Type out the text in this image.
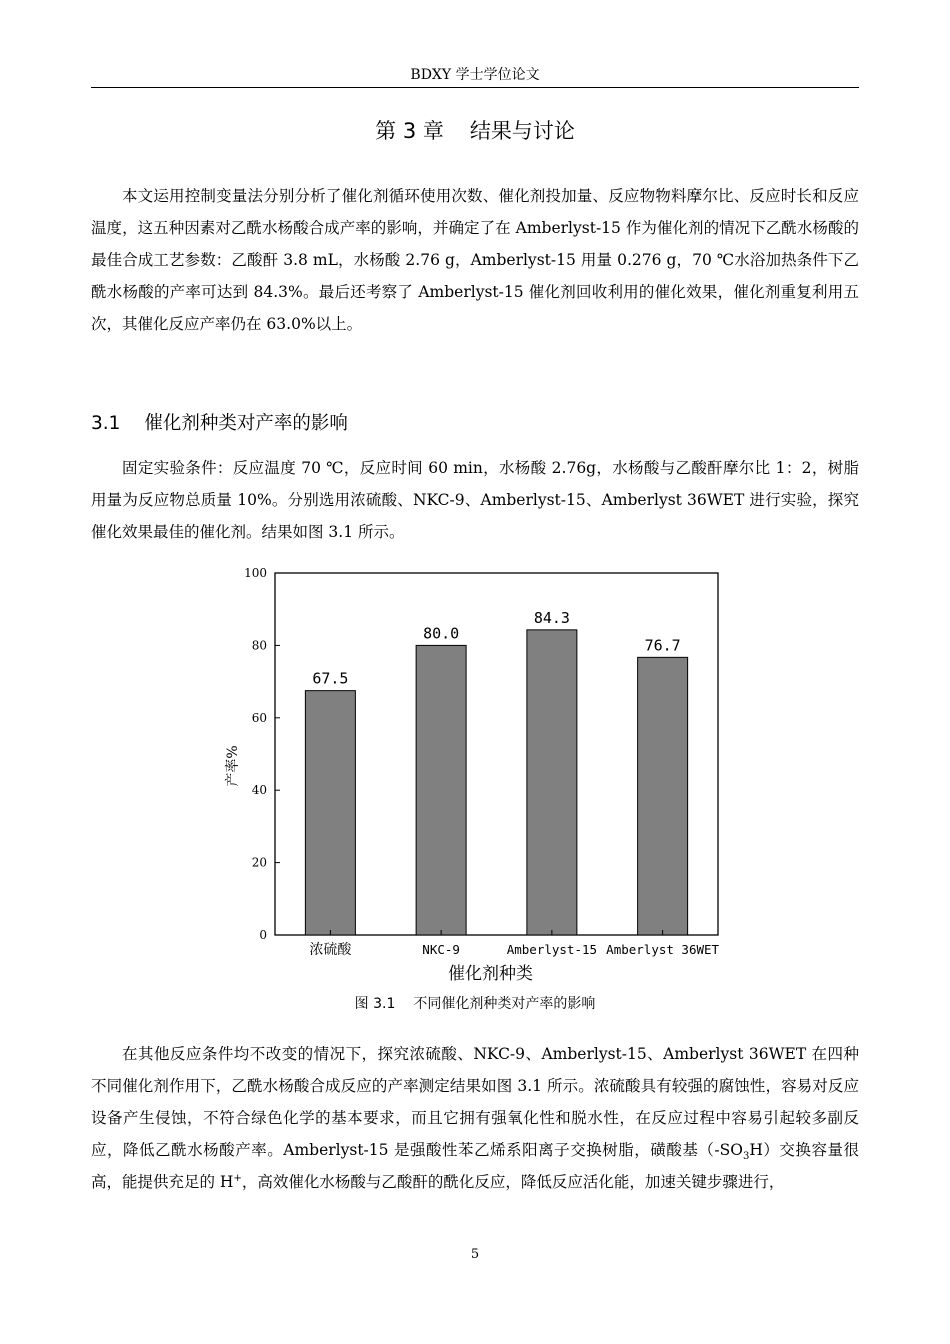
BDXY 学士学位论文
第 3 章 结果与讨论

本文运用控制变量法分别分析了催化剂循环使用次数、催化剂投加量、反应物物料摩尔比、反应时长和反应温度，这五种因素对乙酰水杨酸合成产率的影响，并确定了在 Amberlyst-15 作为催化剂的情况下乙酰水杨酸的最佳合成工艺参数：乙酸酐 3.8 mL，水杨酸 2.76 g，Amberlyst-15 用量 0.276 g，70 ℃水浴加热条件下乙酰水杨酸的产率可达到 84.3%。最后还考察了 Amberlyst-15 催化剂回收利用的催化效果，催化剂重复利用五次，其催化反应产率仍在 63.0%以上。

3.1 催化剂种类对产率的影响

固定实验条件：反应温度 70 ℃，反应时间 60 min，水杨酸 2.76g，水杨酸与乙酸酐摩尔比 1：2，树脂用量为反应物总质量 10%。分别选用浓硫酸、NKC-9、Amberlyst-15、Amberlyst 36WET 进行实验，探究催化效果最佳的催化剂。结果如图 3.1 所示。

0
20
40
60
80
100
67.5
浓硫酸
80.0
NKC-9
84.3
Amberlyst-15
76.7
Amberlyst 36WET
催化剂种类
产率%
图 3.1 不同催化剂种类对产率的影响

在其他反应条件均不改变的情况下，探究浓硫酸、NKC-9、Amberlyst-15、Amberlyst 36WET 在四种不同催化剂作用下，乙酰水杨酸合成反应的产率测定结果如图 3.1 所示。浓硫酸具有较强的腐蚀性，容易对反应设备产生侵蚀，不符合绿色化学的基本要求，而且它拥有强氧化性和脱水性，在反应过程中容易引起较多副反应，降低乙酰水杨酸产率。Amberlyst-15 是强酸性苯乙烯系阳离子交换树脂，磺酸基$(-SO_3H)$交换容量很高，能提供充足的 H+，高效催化水杨酸与乙酸酐的酰化反应，降低反应活化能，加速关键步骤进行，

5
